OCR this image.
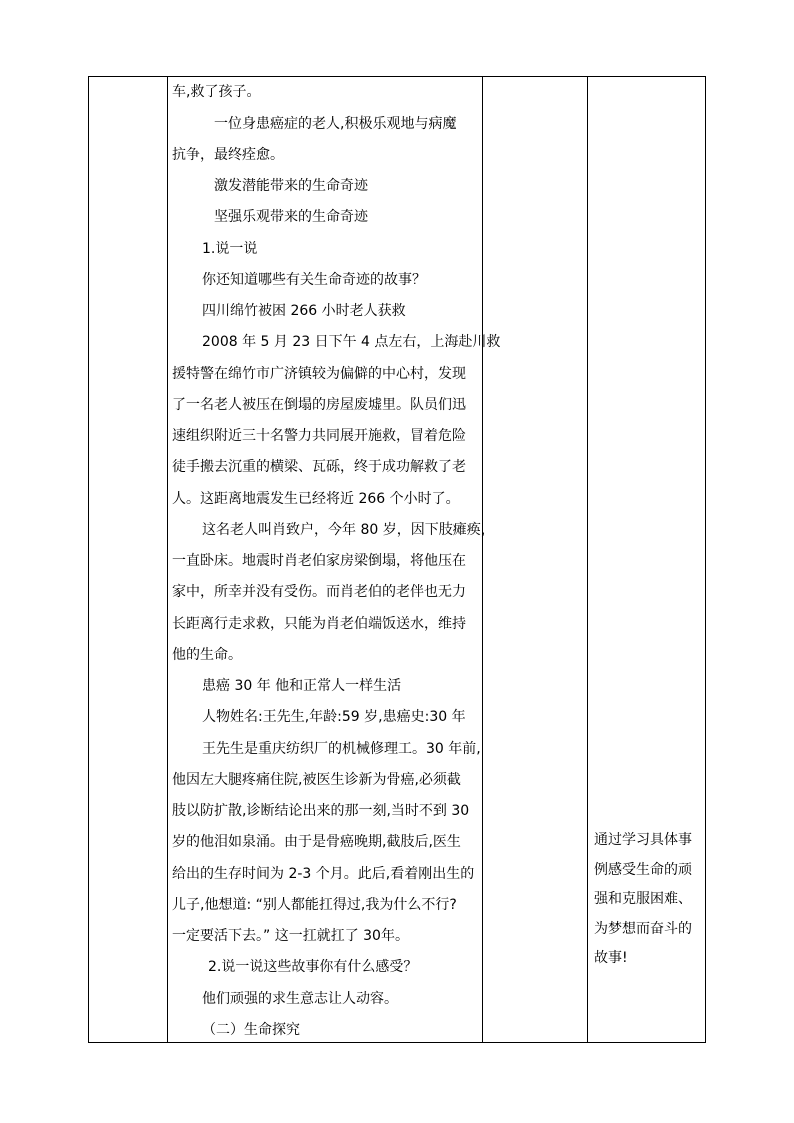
车,救了孩子。
一位身患癌症的老人,积极乐观地与病魔
抗争，最终痊愈。
激发潜能带来的生命奇迹
坚强乐观带来的生命奇迹
1.说一说
你还知道哪些有关生命奇迹的故事？
四川绵竹被困 266 小时老人获救
2008 年 5 月 23 日下午 4 点左右，上海赴川救
援特警在绵竹市广济镇较为偏僻的中心村，发现
了一名老人被压在倒塌的房屋废墟里。队员们迅
速组织附近三十名警力共同展开施救，冒着危险
徒手搬去沉重的横梁、瓦砾，终于成功解救了老
人。这距离地震发生已经将近 266 个小时了。
这名老人叫肖致户，今年 80 岁，因下肢瘫痪，
一直卧床。地震时肖老伯家房梁倒塌，将他压在
家中，所幸并没有受伤。而肖老伯的老伴也无力
长距离行走求救，只能为肖老伯端饭送水，维持
他的生命。
患癌 30 年 他和正常人一样生活
人物姓名:王先生,年龄:59 岁,患癌史:30 年
王先生是重庆纺织厂的机械修理工。30 年前,
他因左大腿疼痛住院,被医生诊新为骨癌,必须截
肢以防扩散,诊断结论出来的那一刻,当时不到 30
岁的他泪如泉涌。由于是骨癌晚期,截肢后,医生
给出的生存时间为 2-3 个月。此后,看着刚出生的
儿子,他想道: “别人都能扛得过,我为什么不行?
一定要活下去。” 这一扛就扛了 30年。
2.说一说这些故事你有什么感受？
他们顽强的求生意志让人动容。
（二）生命探究
通过学习具体事
例感受生命的顽
强和克服困难、
为梦想而奋斗的
故事!
